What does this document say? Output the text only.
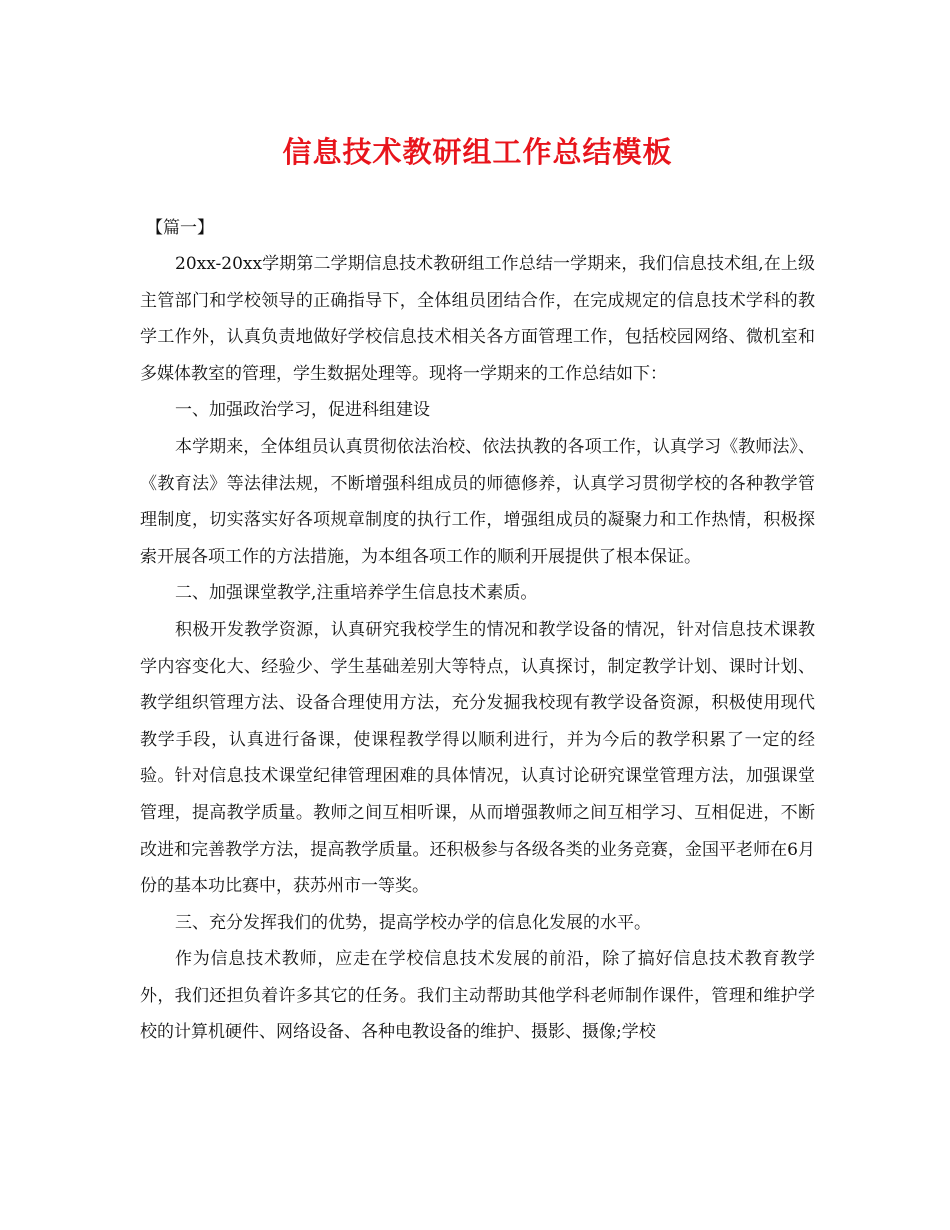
信息技术教研组工作总结模板

【篇一】

20xx-20xx学期第二学期信息技术教研组工作总结一学期来，我们信息技术组,在上级主管部门和学校领导的正确指导下，全体组员团结合作，在完成规定的信息技术学科的教学工作外，认真负责地做好学校信息技术相关各方面管理工作，包括校园网络、微机室和多媒体教室的管理，学生数据处理等。现将一学期来的工作总结如下：

一、加强政治学习，促进科组建设

本学期来，全体组员认真贯彻依法治校、依法执教的各项工作，认真学习《教师法》、《教育法》等法律法规，不断增强科组成员的师德修养，认真学习贯彻学校的各种教学管理制度，切实落实好各项规章制度的执行工作，增强组成员的凝聚力和工作热情，积极探索开展各项工作的方法措施，为本组各项工作的顺利开展提供了根本保证。

二、加强课堂教学,注重培养学生信息技术素质。

积极开发教学资源，认真研究我校学生的情况和教学设备的情况，针对信息技术课教学内容变化大、经验少、学生基础差别大等特点，认真探讨，制定教学计划、课时计划、教学组织管理方法、设备合理使用方法，充分发掘我校现有教学设备资源，积极使用现代教学手段，认真进行备课，使课程教学得以顺利进行，并为今后的教学积累了一定的经验。针对信息技术课堂纪律管理困难的具体情况，认真讨论研究课堂管理方法，加强课堂管理，提高教学质量。教师之间互相听课，从而增强教师之间互相学习、互相促进，不断改进和完善教学方法，提高教学质量。还积极参与各级各类的业务竞赛，金国平老师在6月份的基本功比赛中，获苏州市一等奖。

三、充分发挥我们的优势，提高学校办学的信息化发展的水平。

作为信息技术教师，应走在学校信息技术发展的前沿，除了搞好信息技术教育教学外，我们还担负着许多其它的任务。我们主动帮助其他学科老师制作课件，管理和维护学校的计算机硬件、网络设备、各种电教设备的维护、摄影、摄像;学校
